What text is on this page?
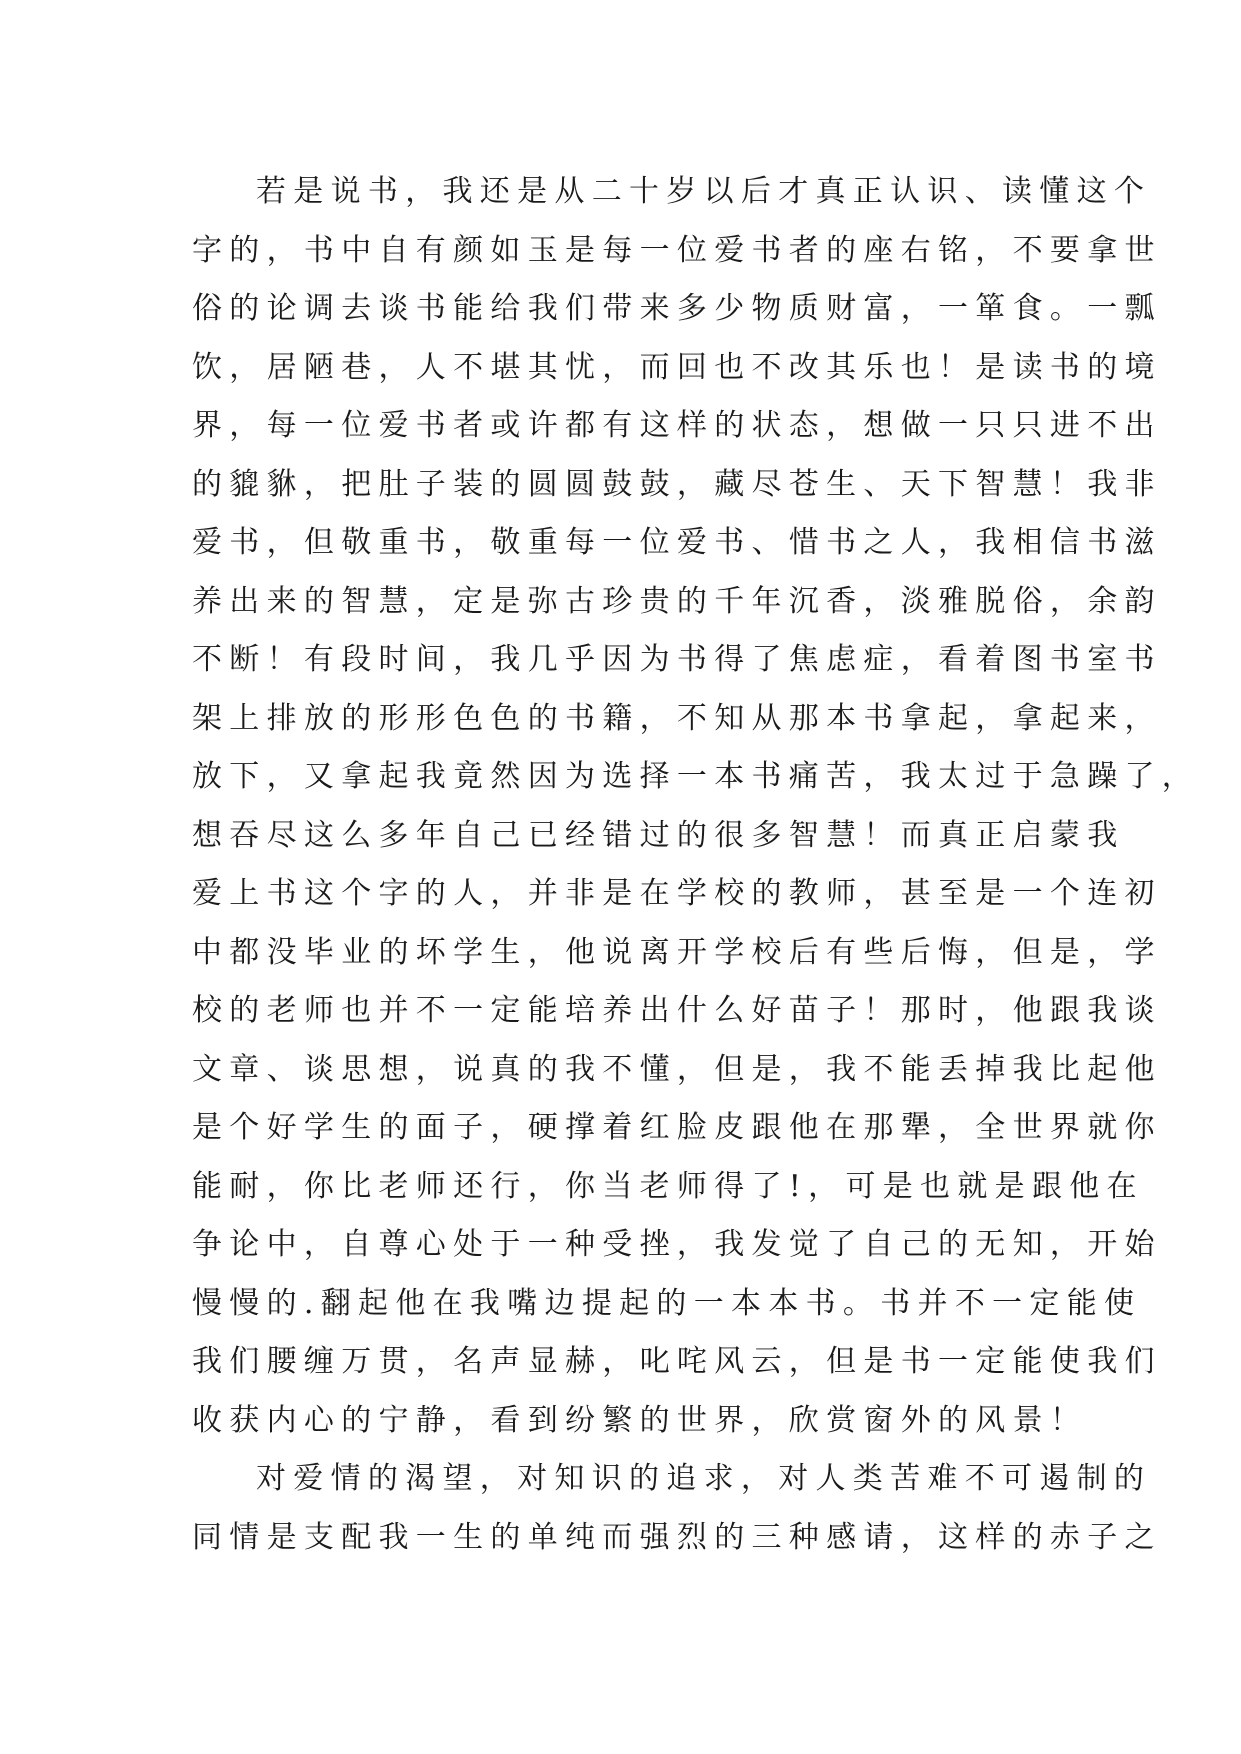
若是说书，我还是从二十岁以后才真正认识、读懂这个
字的，书中自有颜如玉是每一位爱书者的座右铭，不要拿世
俗的论调去谈书能给我们带来多少物质财富，一箪食。一瓢
饮，居陋巷，人不堪其忧，而回也不改其乐也！是读书的境
界，每一位爱书者或许都有这样的状态，想做一只只进不出
的貔貅，把肚子装的圆圆鼓鼓，藏尽苍生、天下智慧！我非
爱书，但敬重书，敬重每一位爱书、惜书之人，我相信书滋
养出来的智慧，定是弥古珍贵的千年沉香，淡雅脱俗，余韵
不断！有段时间，我几乎因为书得了焦虑症，看着图书室书
架上排放的形形色色的书籍，不知从那本书拿起，拿起来，
放下，又拿起我竟然因为选择一本书痛苦，我太过于急躁了，
想吞尽这么多年自己已经错过的很多智慧！而真正启蒙我
爱上书这个字的人，并非是在学校的教师，甚至是一个连初
中都没毕业的坏学生，他说离开学校后有些后悔，但是，学
校的老师也并不一定能培养出什么好苗子！那时，他跟我谈
文章、谈思想，说真的我不懂，但是，我不能丢掉我比起他
是个好学生的面子，硬撑着红脸皮跟他在那犟，全世界就你
能耐，你比老师还行，你当老师得了!，可是也就是跟他在
争论中，自尊心处于一种受挫，我发觉了自己的无知，开始
慢慢的.翻起他在我嘴边提起的一本本书。书并不一定能使
我们腰缠万贯，名声显赫，叱咤风云，但是书一定能使我们
收获内心的宁静，看到纷繁的世界，欣赏窗外的风景！
对爱情的渴望，对知识的追求，对人类苦难不可遏制的
同情是支配我一生的单纯而强烈的三种感请，这样的赤子之
